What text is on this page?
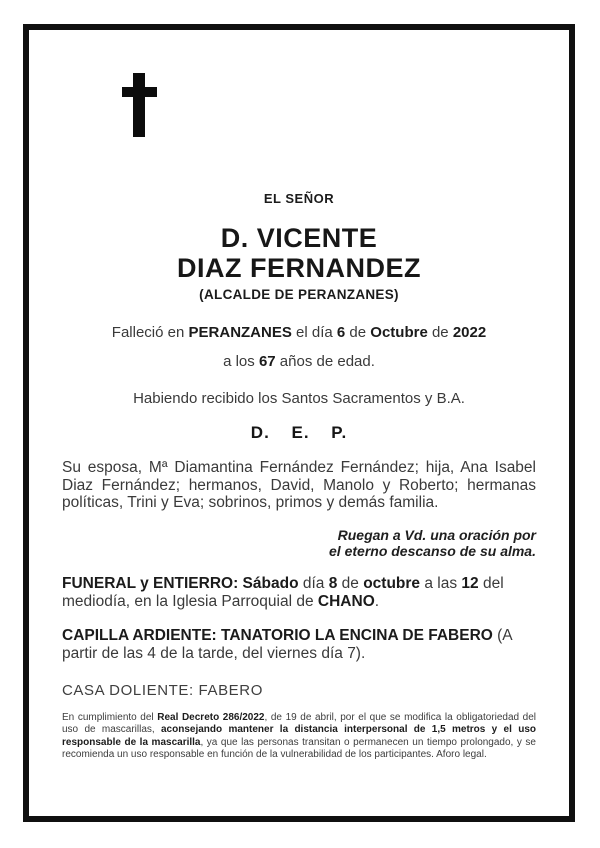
EL SEÑOR
D. VICENTE
DIAZ FERNANDEZ
(ALCALDE DE PERANZANES)
Falleció en PERANZANES el día 6 de Octubre de 2022
a los 67 años de edad.
Habiendo recibido los Santos Sacramentos y B.A.
D. E. P.
Su esposa, Mª Diamantina Fernández Fernández; hija, Ana Isabel Diaz Fernández; hermanos, David, Manolo y Roberto; hermanas políticas, Trini y Eva; sobrinos, primos y demás familia.
Ruegan a Vd. una oración por
el eterno descanso de su alma.
FUNERAL y ENTIERRO: Sábado día 8 de octubre a las 12 del mediodía, en la Iglesia Parroquial de CHANO.
CAPILLA ARDIENTE: TANATORIO LA ENCINA DE FABERO (A partir de las 4 de la tarde, del viernes día 7).
CASA DOLIENTE: FABERO
En cumplimiento del Real Decreto 286/2022, de 19 de abril, por el que se modifica la obligatoriedad del uso de mascarillas, aconsejando mantener la distancia interpersonal de 1,5 metros y el uso responsable de la mascarilla, ya que las personas transitan o permanecen un tiempo prolongado, y se recomienda un uso responsable en función de la vulnerabilidad de los participantes. Aforo legal.
